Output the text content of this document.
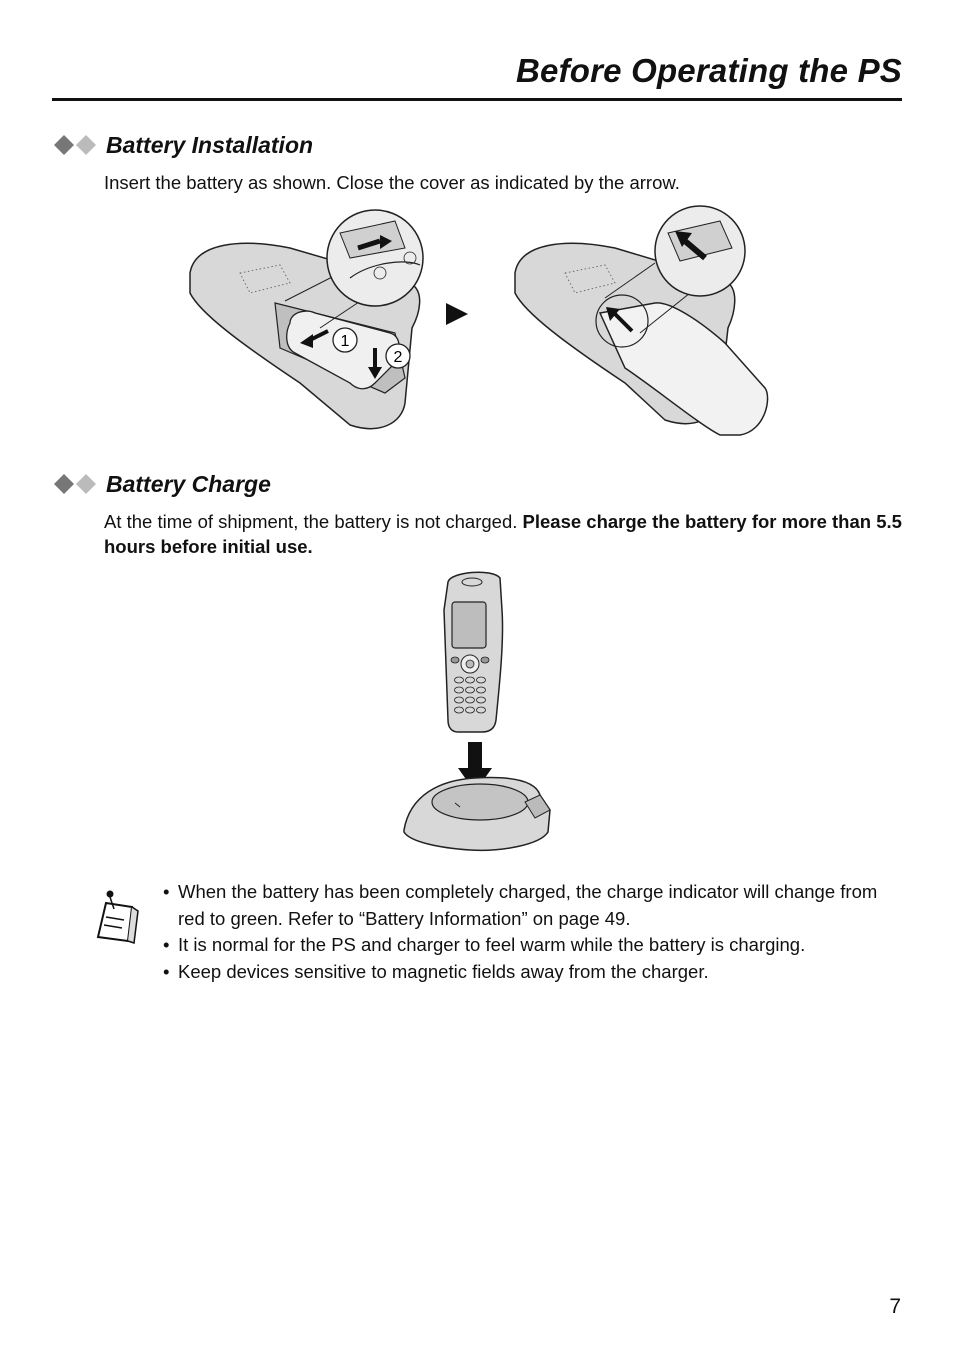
Before Operating the PS
Battery Installation
Insert the battery as shown. Close the cover as indicated by the arrow.
1
2
Battery Charge
At the time of shipment, the battery is not charged. Please charge the battery for more than 5.5 hours before initial use.
• When the battery has been completely charged, the charge indicator will change from red to green. Refer to “Battery Information” on page 49.
• It is normal for the PS and charger to feel warm while the battery is charging.
• Keep devices sensitive to magnetic fields away from the charger.
7
